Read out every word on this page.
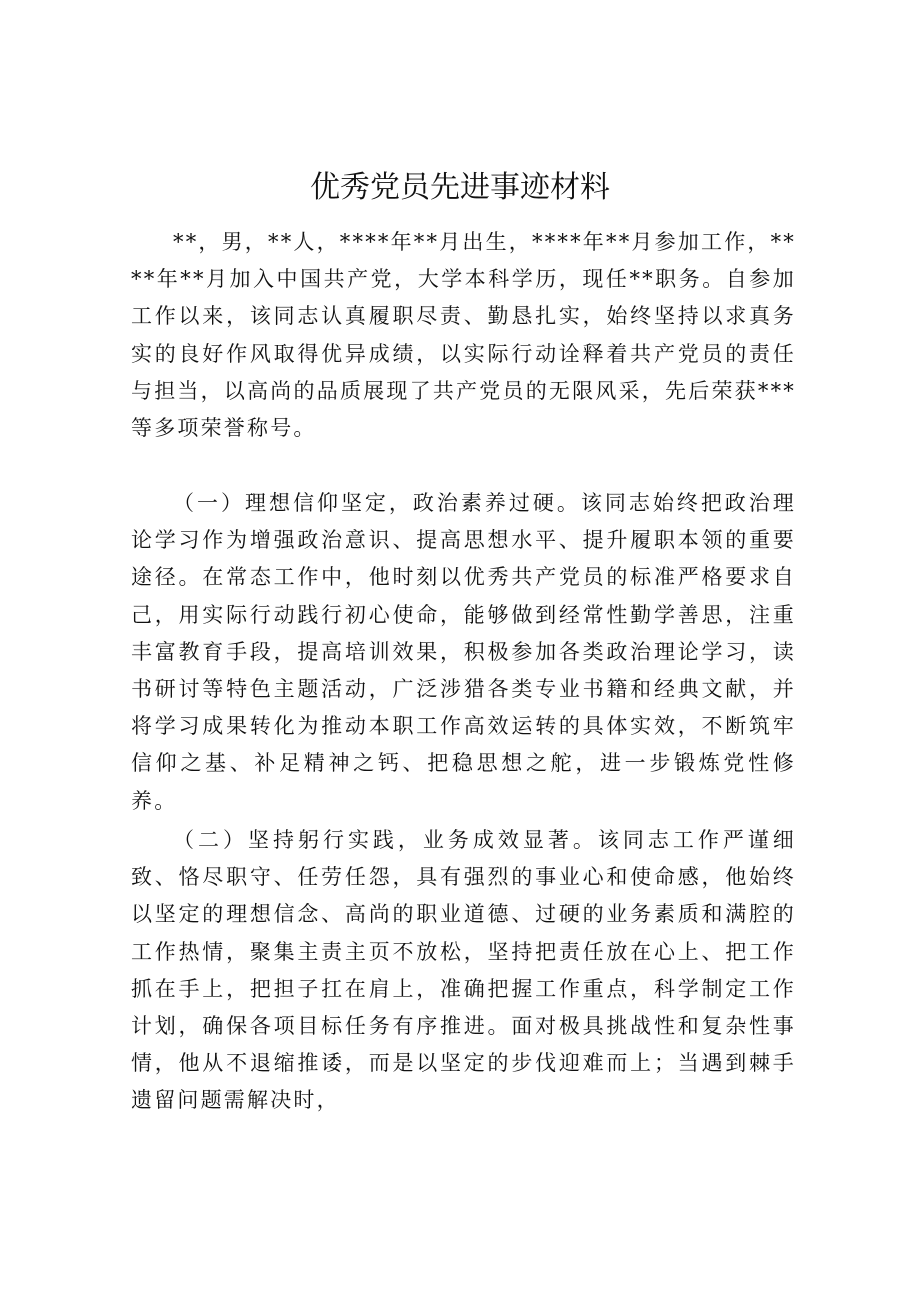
优秀党员先进事迹材料

**，男，**人，****年**月出生，****年**月参加工作，****年**月加入中国共产党，大学本科学历，现任**职务。自参加工作以来，该同志认真履职尽责、勤恳扎实，始终坚持以求真务实的良好作风取得优异成绩，以实际行动诠释着共产党员的责任与担当，以高尚的品质展现了共产党员的无限风采，先后荣获***等多项荣誉称号。

（一）理想信仰坚定，政治素养过硬。该同志始终把政治理论学习作为增强政治意识、提高思想水平、提升履职本领的重要途径。在常态工作中，他时刻以优秀共产党员的标准严格要求自己，用实际行动践行初心使命，能够做到经常性勤学善思，注重丰富教育手段，提高培训效果，积极参加各类政治理论学习，读书研讨等特色主题活动，广泛涉猎各类专业书籍和经典文献，并将学习成果转化为推动本职工作高效运转的具体实效，不断筑牢信仰之基、补足精神之钙、把稳思想之舵，进一步锻炼党性修养。

（二）坚持躬行实践，业务成效显著。该同志工作严谨细致、恪尽职守、任劳任怨，具有强烈的事业心和使命感，他始终以坚定的理想信念、高尚的职业道德、过硬的业务素质和满腔的工作热情，聚集主责主页不放松，坚持把责任放在心上、把工作抓在手上，把担子扛在肩上，准确把握工作重点，科学制定工作计划，确保各项目标任务有序推进。面对极具挑战性和复杂性事情，他从不退缩推诿，而是以坚定的步伐迎难而上；当遇到棘手遗留问题需解决时，
